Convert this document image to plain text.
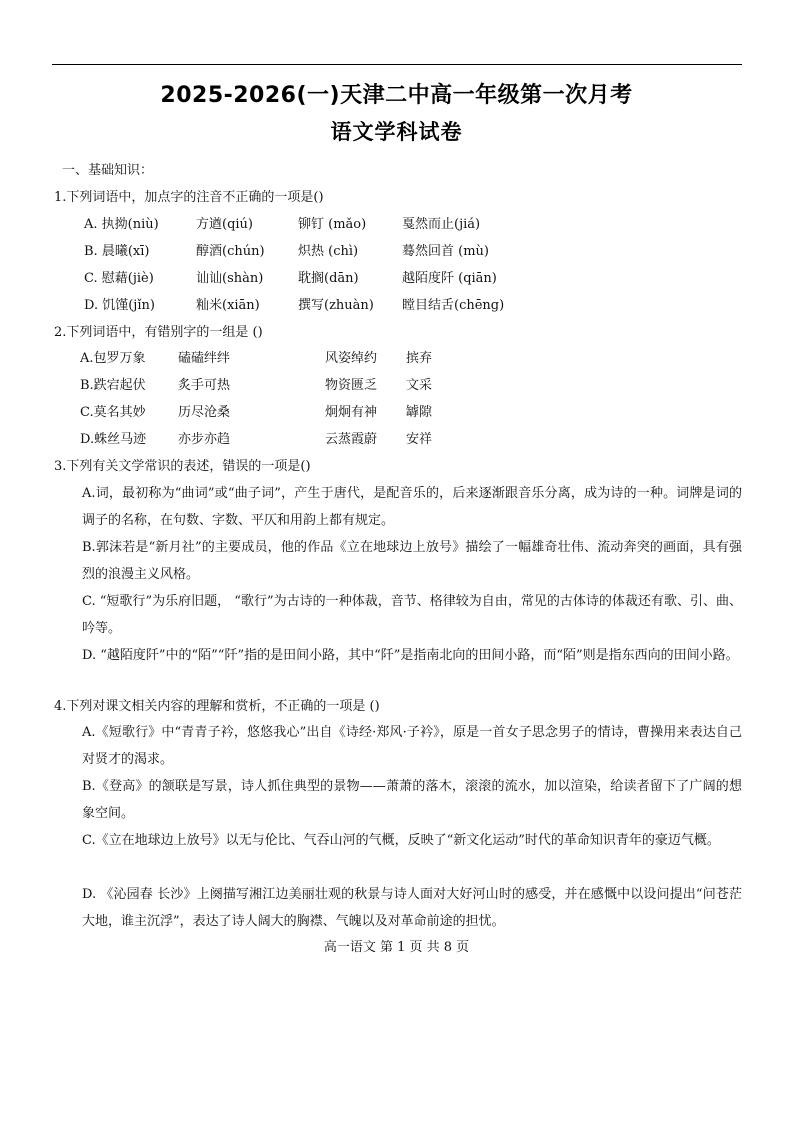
2025-2026(一)天津二中高一年级第一次月考
语文学科试卷
一、基础知识：
1.下列词语中，加点字的注音不正确的一项是()
A. 执拗(niù)	方遒(qiú)	铆钉 (mǎo)	戛然而止(jiá)
B. 晨曦(xī)	醇酒(chún)	炽热 (chì)	蓦然回首 (mù)
C. 慰藉(jiè)	讪讪(shàn)	耽搁(dān)	越陌度阡 (qiān)
D. 饥馑(jǐn)	籼米(xiān)	撰写(zhuàn) 瞠目结舌(chēng)
2.下列词语中，有错别字的一组是 ()
A.包罗万象 磕磕绊绊	风姿绰约 摈弃
B.跌宕起伏 炙手可热	物资匮乏 文采
C.莫名其妙 历尽沧桑	炯炯有神 罅隙
D.蛛丝马迹 亦步亦趋	云蒸霞蔚 安祥
3.下列有关文学常识的表述，错误的一项是()
A.词，最初称为“曲词”或“曲子词”，产生于唐代，是配音乐的，后来逐渐跟音乐分离，成为诗的一种。词牌是词的调子的名称，在句数、字数、平仄和用韵上都有规定。
B.郭沫若是“新月社”的主要成员，他的作品《立在地球边上放号》描绘了一幅雄奇壮伟、流动奔突的画面，具有强烈的浪漫主义风格。
C. “短歌行”为乐府旧题， “歌行”为古诗的一种体裁，音节、格律较为自由，常见的古体诗的体裁还有歌、引、曲、吟等。
D. “越陌度阡”中的“陌”“阡”指的是田间小路，其中“阡”是指南北向的田间小路，而“陌”则是指东西向的田间小路。
4.下列对课文相关内容的理解和赏析，不正确的一项是 ()
A.《短歌行》中“青青子衿，悠悠我心”出自《诗经·郑风·子衿》，原是一首女子思念男子的情诗，曹操用来表达自己对贤才的渴求。
B.《登高》的颔联是写景，诗人抓住典型的景物——萧萧的落木，滚滚的流水，加以渲染，给读者留下了广阔的想象空间。
C.《立在地球边上放号》以无与伦比、气吞山河的气概，反映了“新文化运动”时代的革命知识青年的豪迈气概。
D. 《沁园春 长沙》上阕描写湘江边美丽壮观的秋景与诗人面对大好河山时的感受，并在感慨中以设问提出“问苍茫大地，谁主沉浮”，表达了诗人阔大的胸襟、气魄以及对革命前途的担忧。
高一语文 第 1 页 共 8 页
